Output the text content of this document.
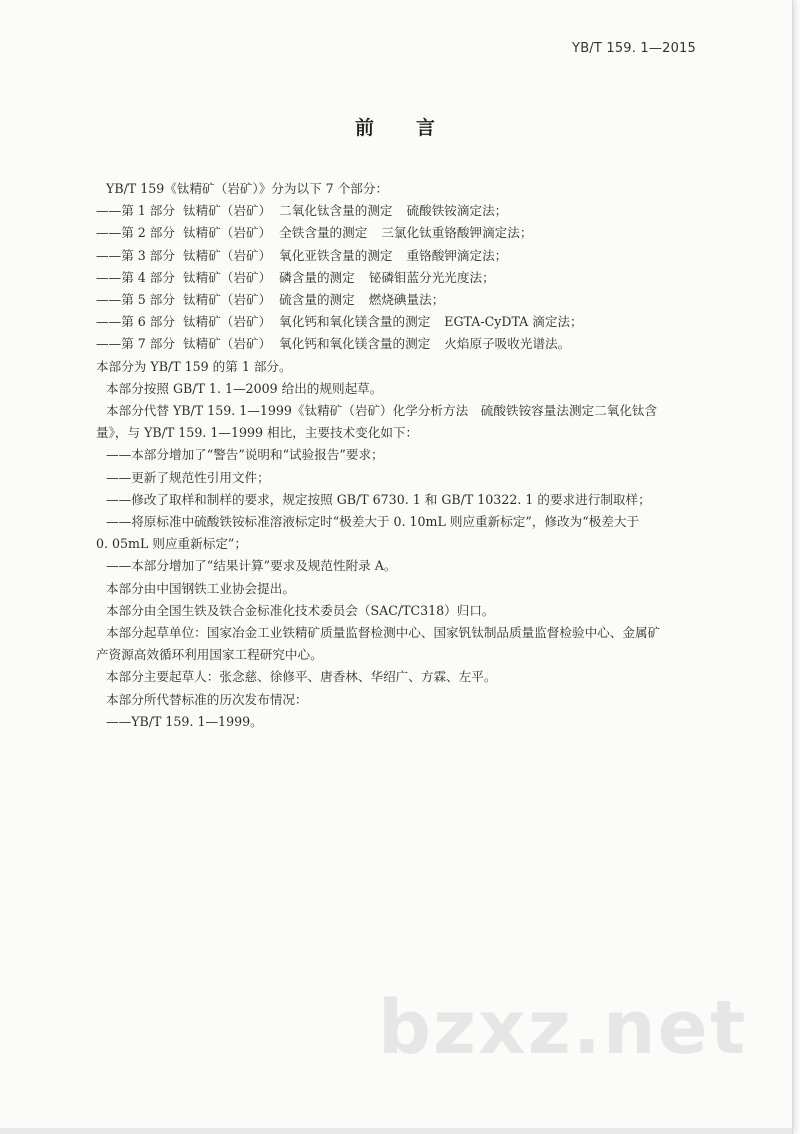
YB/T 159. 1—2015
前 言
YB/T 159《钛精矿（岩矿）》分为以下 7 个部分：
——第 1 部分 钛精矿（岩矿） 二氧化钛含量的测定 硫酸铁铵滴定法；
——第 2 部分 钛精矿（岩矿） 全铁含量的测定 三氯化钛重铬酸钾滴定法；
——第 3 部分 钛精矿（岩矿） 氧化亚铁含量的测定 重铬酸钾滴定法；
——第 4 部分 钛精矿（岩矿） 磷含量的测定 铋磷钼蓝分光光度法；
——第 5 部分 钛精矿（岩矿） 硫含量的测定 燃烧碘量法；
——第 6 部分 钛精矿（岩矿） 氧化钙和氧化镁含量的测定 EGTA-CyDTA 滴定法；
——第 7 部分 钛精矿（岩矿） 氧化钙和氧化镁含量的测定 火焰原子吸收光谱法。
本部分为 YB/T 159 的第 1 部分。
本部分按照 GB/T 1. 1—2009 给出的规则起草。
本部分代替 YB/T 159. 1—1999《钛精矿（岩矿）化学分析方法　硫酸铁铵容量法测定二氧化钛含
量》，与 YB/T 159. 1—1999 相比，主要技术变化如下：
——本部分增加了“警告”说明和“试验报告”要求；
——更新了规范性引用文件；
——修改了取样和制样的要求，规定按照 GB/T 6730. 1 和 GB/T 10322. 1 的要求进行制取样；
——将原标准中硫酸铁铵标准溶液标定时“极差大于 0. 10mL 则应重新标定”，修改为“极差大于
0. 05mL 则应重新标定”；
——本部分增加了“结果计算”要求及规范性附录 A。
本部分由中国钢铁工业协会提出。
本部分由全国生铁及铁合金标准化技术委员会（SAC/TC318）归口。
本部分起草单位：国家冶金工业铁精矿质量监督检测中心、国家钒钛制品质量监督检验中心、金属矿
产资源高效循环利用国家工程研究中心。
本部分主要起草人：张念慈、徐修平、唐香林、华绍广、方霖、左平。
本部分所代替标准的历次发布情况：
——YB/T 159. 1—1999。
bzxz.net
